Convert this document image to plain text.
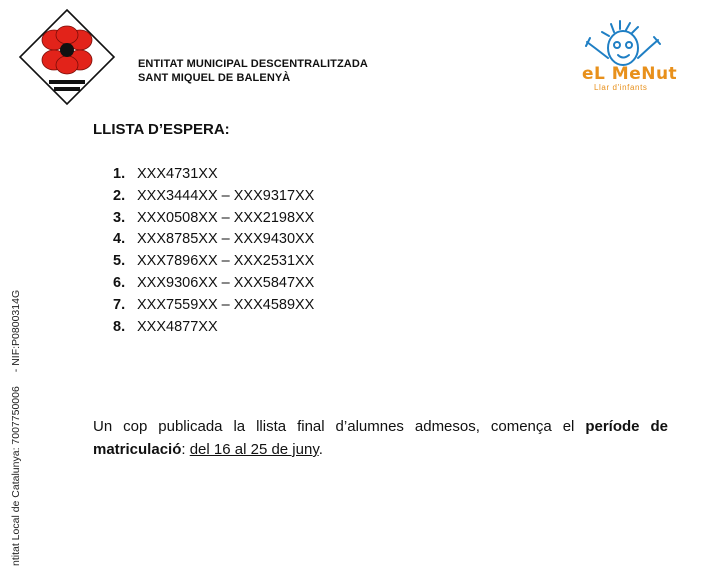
ENTITAT MUNICIPAL DESCENTRALITZADA
SANT MIQUEL DE BALENYÀ	eL MeNut
Llar d'infants
LLISTA D’ESPERA:
1. XXX4731XX
2. XXX3444XX – XXX9317XX
3. XXX0508XX – XXX2198XX
4. XXX8785XX – XXX9430XX
5. XXX7896XX – XXX2531XX
6. XXX9306XX – XXX5847XX
7. XXX7559XX – XXX4589XX
8. XXX4877XX

Un cop publicada la llista final d’alumnes admesos, comença el període de matriculació: del 16 al 25 de juny.

ntitat Local de Catalunya: 7007750006- NIF:P0800314G
